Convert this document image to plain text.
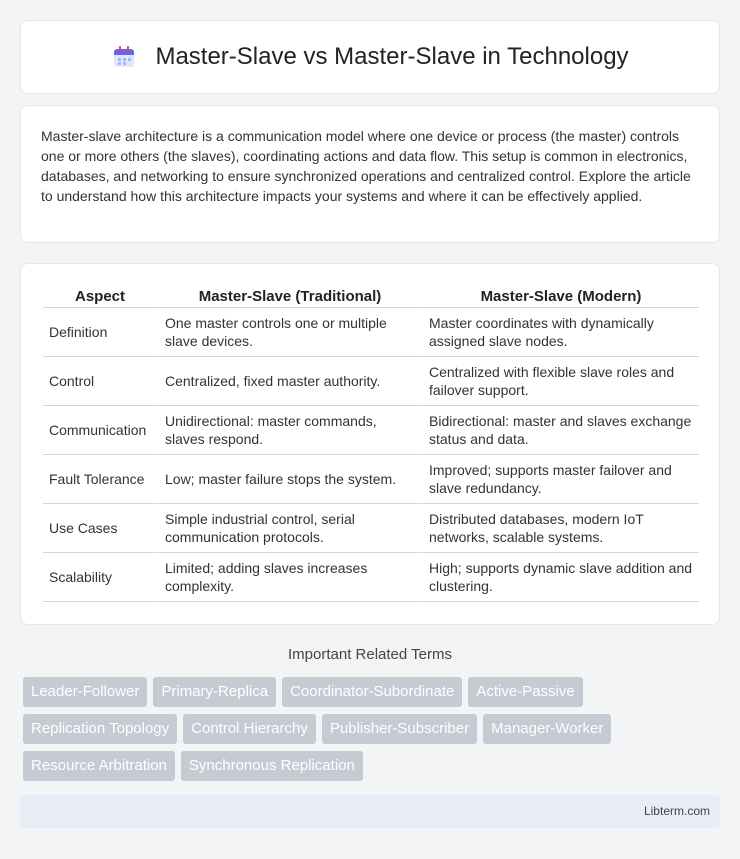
Master-Slave vs Master-Slave in Technology

Master-slave architecture is a communication model where one device or process (the master) controls one or more others (the slaves), coordinating actions and data flow. This setup is common in electronics, databases, and networking to ensure synchronized operations and centralized control. Explore the article to understand how this architecture impacts your systems and where it can be effectively applied.

Aspect	Master-Slave (Traditional)	Master-Slave (Modern)
Definition	One master controls one or multiple slave devices.	Master coordinates with dynamically assigned slave nodes.
Control	Centralized, fixed master authority.	Centralized with flexible slave roles and failover support.
Communication	Unidirectional: master commands, slaves respond.	Bidirectional: master and slaves exchange status and data.
Fault Tolerance	Low; master failure stops the system.	Improved; supports master failover and slave redundancy.
Use Cases	Simple industrial control, serial communication protocols.	Distributed databases, modern IoT networks, scalable systems.
Scalability	Limited; adding slaves increases complexity.	High; supports dynamic slave addition and clustering.
Important Related Terms
Leader-Follower	Primary-Replica	Coordinator-Subordinate	Active-Passive
Replication Topology	Control Hierarchy	Publisher-Subscriber	Manager-Worker
Resource Arbitration	Synchronous Replication
Libterm.com
